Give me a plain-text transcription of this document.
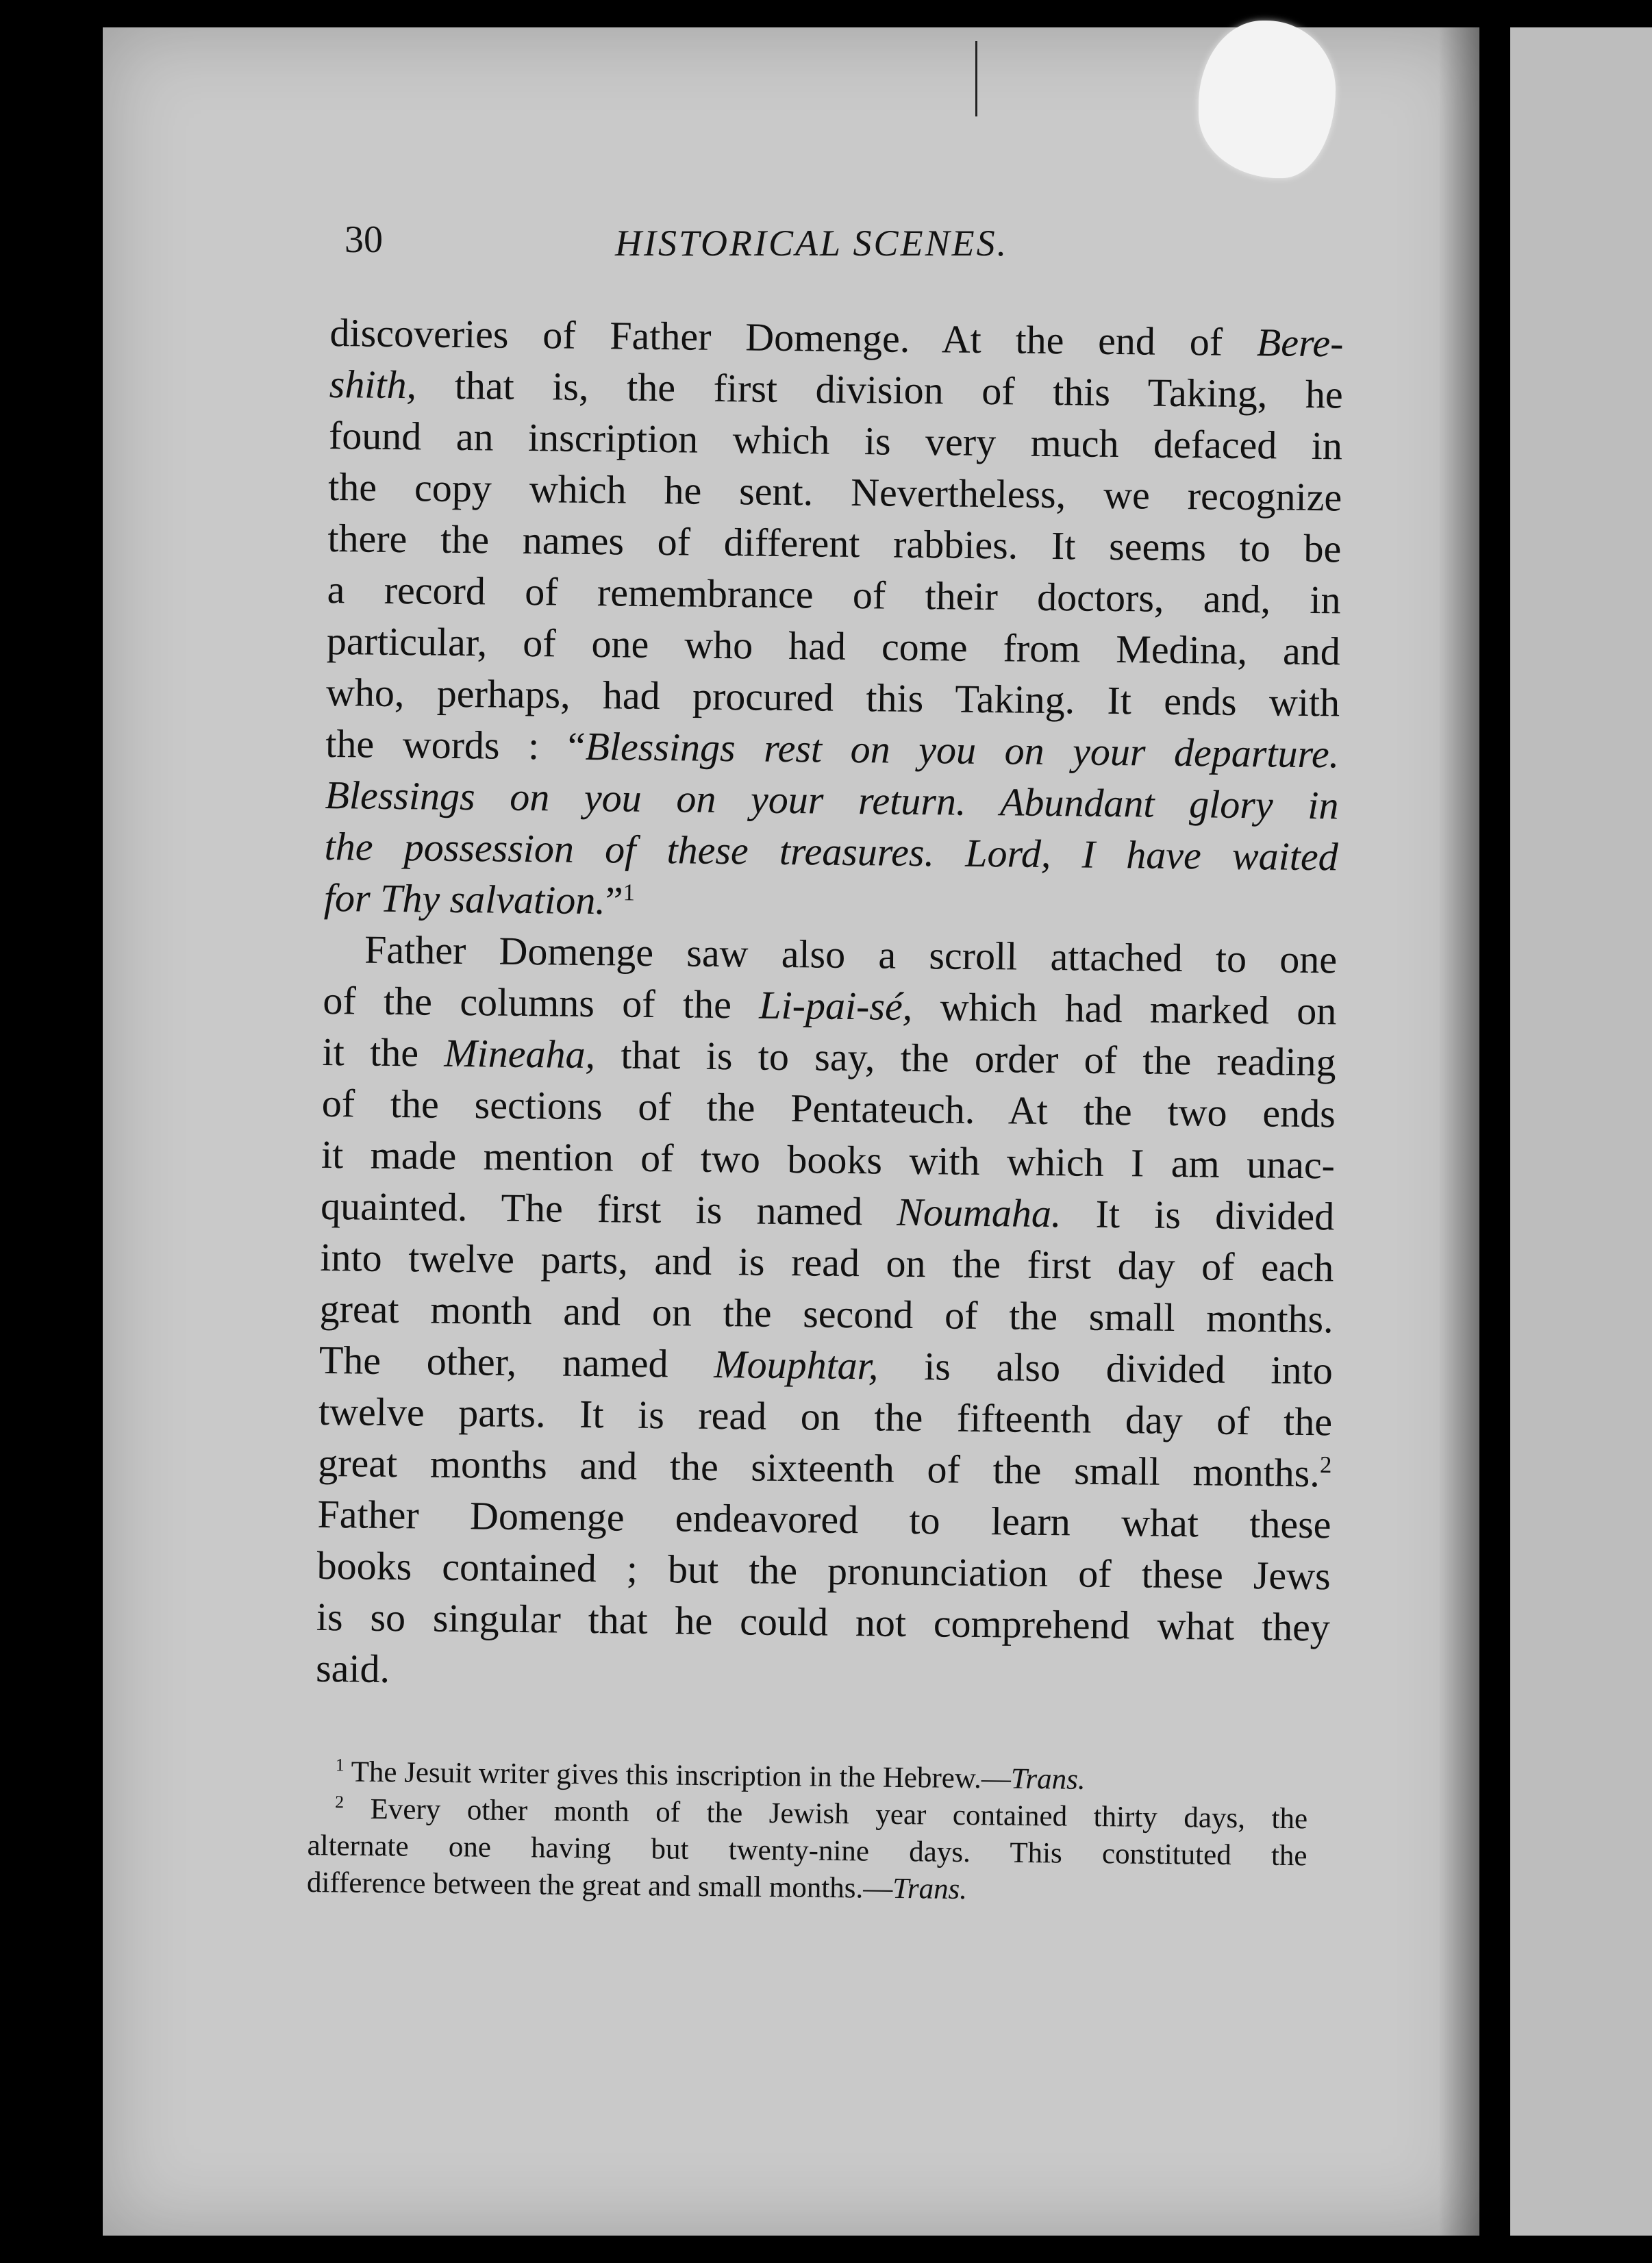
30	HISTORICAL SCENES.
discoveries of Father Domenge. At the end of Bere-
shith, that is, the first division of this Taking, he
found an inscription which is very much defaced in
the copy which he sent. Nevertheless, we recognize
there the names of different rabbies. It seems to be
a record of remembrance of their doctors, and, in
particular, of one who had come from Medina, and
who, perhaps, had procured this Taking. It ends with
the words : “Blessings rest on you on your departure.
Blessings on you on your return. Abundant glory in
the possession of these treasures. Lord, I have waited
for Thy salvation.”$^1$
Father Domenge saw also a scroll attached to one
of the columns of the Li-pai-sé, which had marked on
it the Mineaha, that is to say, the order of the reading
of the sections of the Pentateuch. At the two ends
it made mention of two books with which I am unac-
quainted. The first is named Noumaha. It is divided
into twelve parts, and is read on the first day of each
great month and on the second of the small months.
The other, named Mouphtar, is also divided into
twelve parts. It is read on the fifteenth day of the
great months and the sixteenth of the small months.$^2$
Father Domenge endeavored to learn what these
books contained ; but the pronunciation of these Jews
is so singular that he could not comprehend what they
said.
$^1$ The Jesuit writer gives this inscription in the Hebrew.—Trans.
$^2$ Every other month of the Jewish year contained thirty days, the
alternate one having but twenty-nine days. This constituted the
difference between the great and small months.—Trans.
